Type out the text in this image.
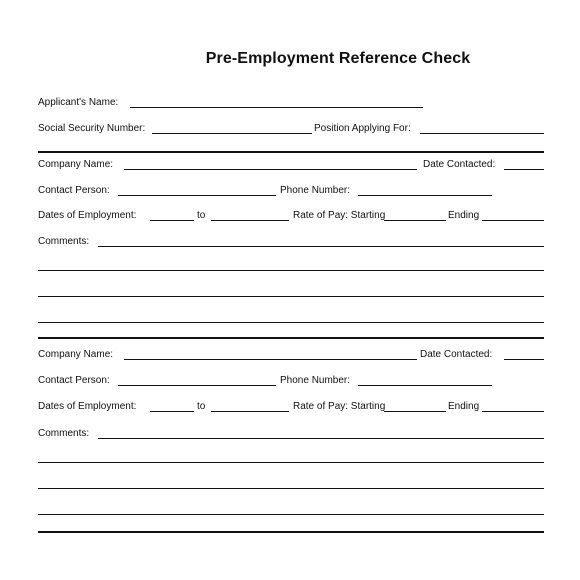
Pre-Employment Reference Check
Applicant's Name:
Social Security Number:	Position Applying For:
Company Name:	Date Contacted:
Contact Person:	Phone Number:
Dates of Employment:	to	Rate of Pay: Starting	Ending
Comments:
Company Name:	Date Contacted:
Contact Person:	Phone Number:
Dates of Employment:	to	Rate of Pay: Starting	Ending
Comments:
